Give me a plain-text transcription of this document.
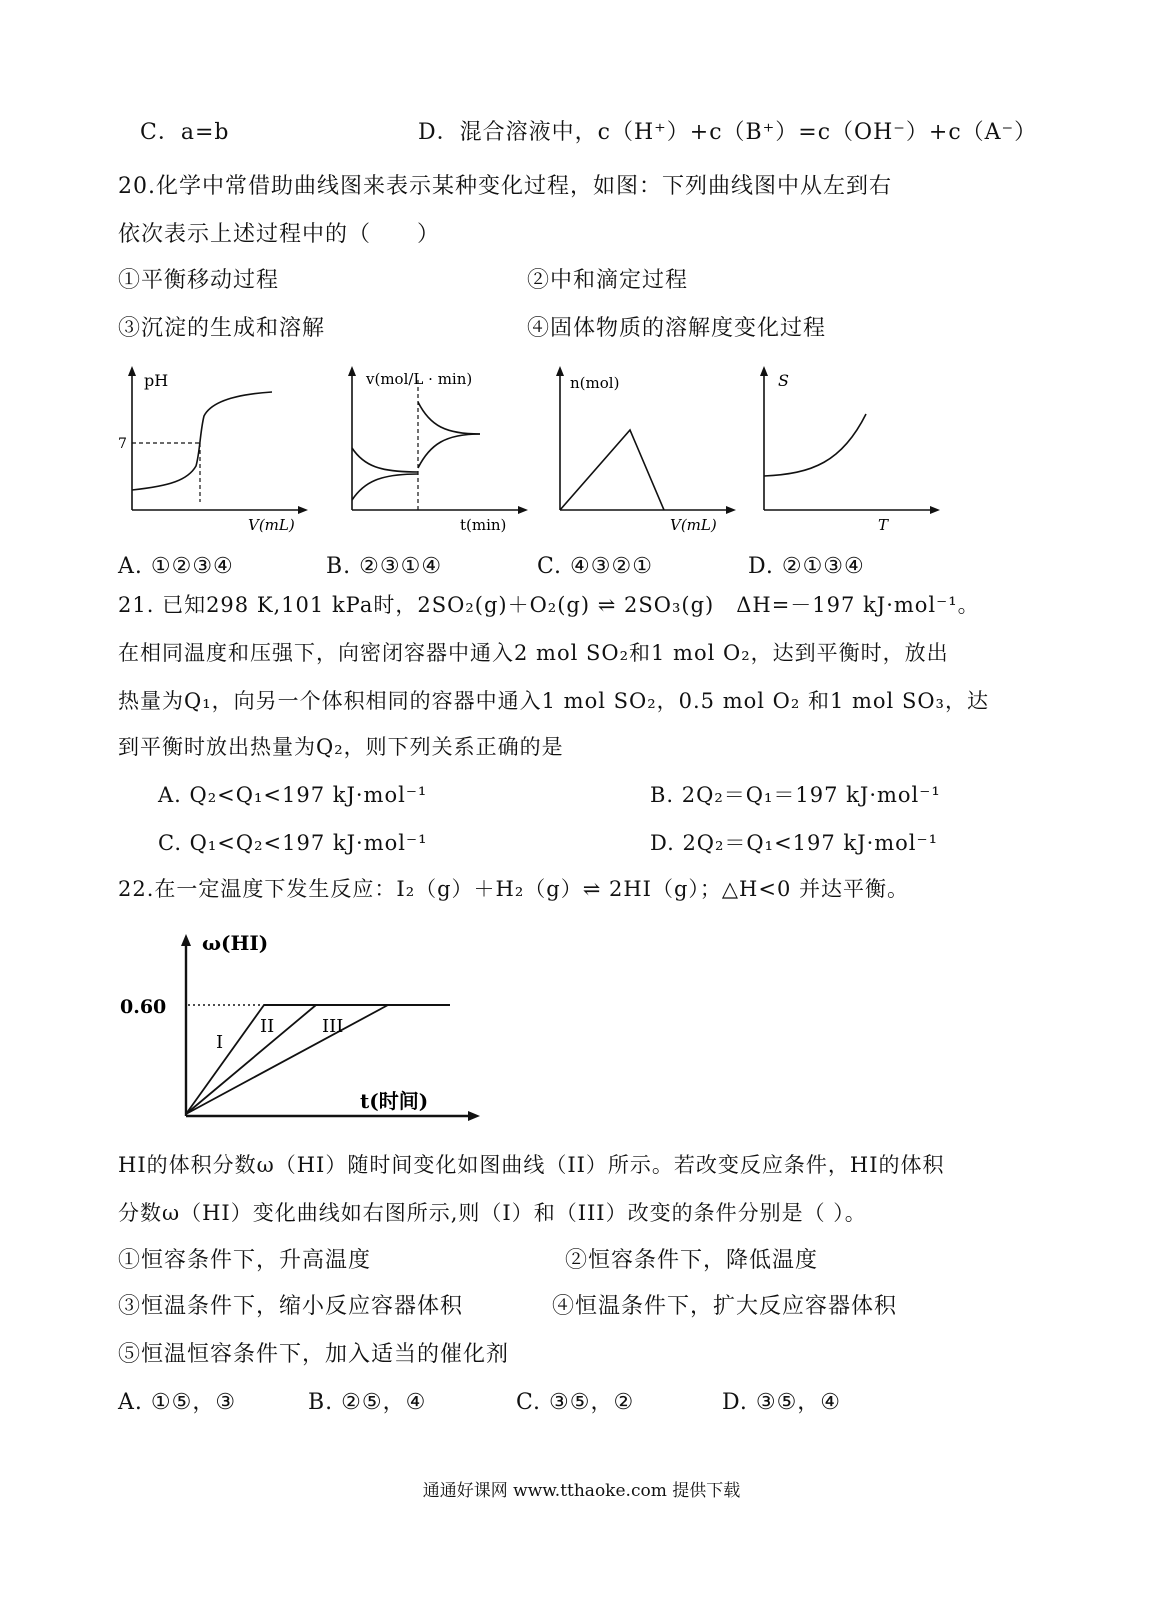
C．a=b	D．混合溶液中，c（H⁺）+c（B⁺）=c（OH⁻）+c（A⁻）
20.化学中常借助曲线图来表示某种变化过程，如图：下列曲线图中从左到右
依次表示上述过程中的（　　）
①平衡移动过程	②中和滴定过程
③沉淀的生成和溶解	④固体物质的溶解度变化过程
pH
7
V(mL)
v(mol/L · min)
t(min)
n(mol)
V(mL)
S
T
A. ①②③④	B. ②③①④	C. ④③②①	D. ②①③④
21. 已知298 K,101 kPa时，2SO₂(g)＋O₂(g) ⇌ 2SO₃(g)　ΔH=－197 kJ·mol⁻¹。
在相同温度和压强下，向密闭容器中通入2 mol SO₂和1 mol O₂，达到平衡时，放出
热量为Q₁，向另一个体积相同的容器中通入1 mol SO₂，0.5 mol O₂ 和1 mol SO₃，达
到平衡时放出热量为Q₂，则下列关系正确的是
A. Q₂<Q₁<197 kJ·mol⁻¹	B. 2Q₂＝Q₁＝197 kJ·mol⁻¹
C. Q₁<Q₂<197 kJ·mol⁻¹	D. 2Q₂＝Q₁<197 kJ·mol⁻¹
22.在一定温度下发生反应：I₂（g）＋H₂（g）⇌ 2HI（g）；△H<0 并达平衡。
ω(HI)
0.60
I
II	III
t(时间)
HI的体积分数ω（HI）随时间变化如图曲线（II）所示。若改变反应条件，HI的体积
分数ω（HI）变化曲线如右图所示,则（I）和（III）改变的条件分别是（ ）。
①恒容条件下，升高温度	②恒容条件下，降低温度
③恒温条件下，缩小反应容器体积	④恒温条件下，扩大反应容器体积
⑤恒温恒容条件下，加入适当的催化剂
A. ①⑤，③	B. ②⑤，④	C. ③⑤，②	D. ③⑤，④
通通好课网 www.tthaoke.com 提供下载
